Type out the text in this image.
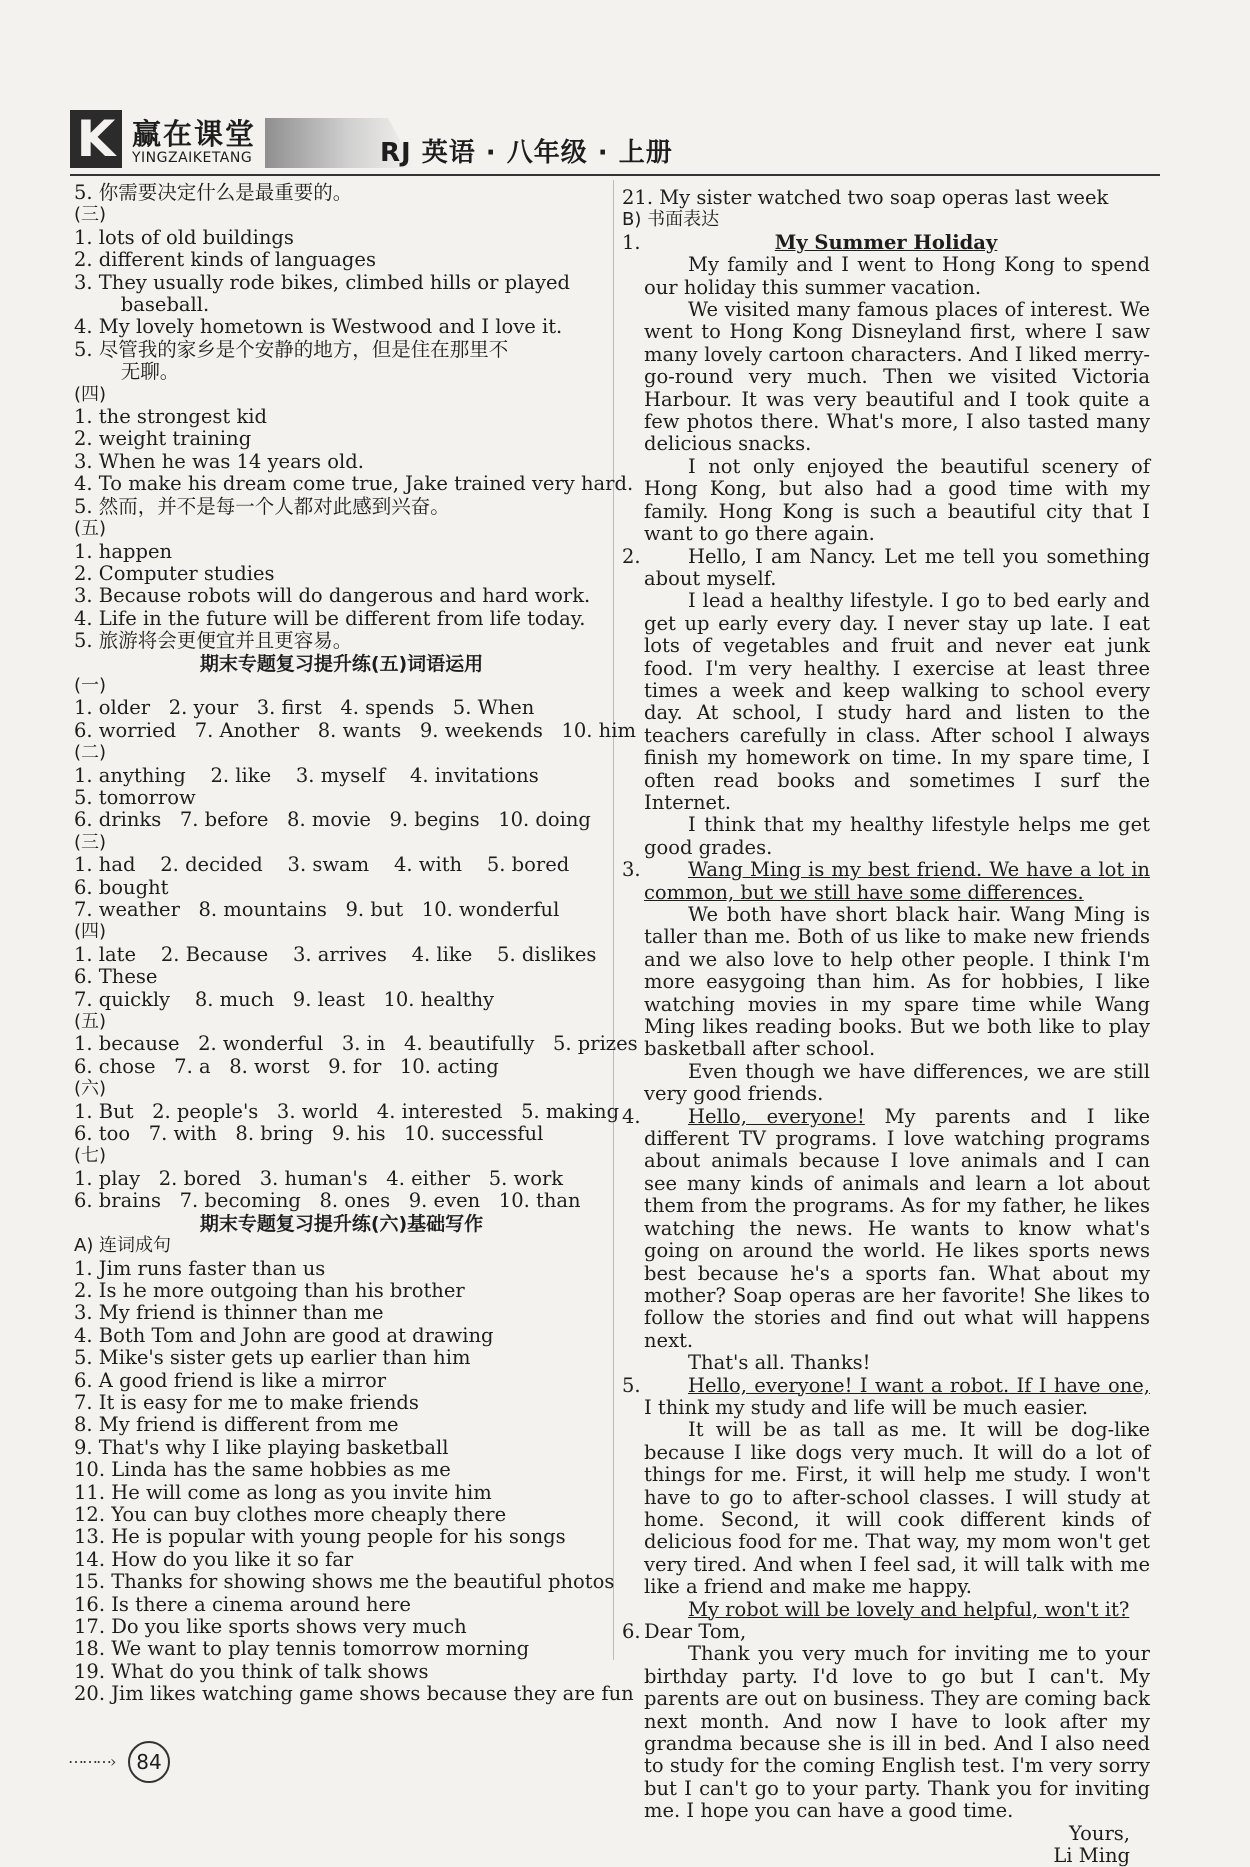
K 赢在课堂
YINGZAIKETANG	RJ 英语 · 八年级 · 上册

5. 你需要决定什么是最重要的。

(三)

1. lots of old buildings

2. different kinds of languages

3. They usually rode bikes, climbed hills or played

baseball.

4. My lovely hometown is Westwood and I love it.

5. 尽管我的家乡是个安静的地方，但是住在那里不

无聊。

(四)

1. the strongest kid

2. weight training

3. When he was 14 years old.

4. To make his dream come true, Jake trained very hard.

5. 然而，并不是每一个人都对此感到兴奋。

(五)

1. happen

2. Computer studies

3. Because robots will do dangerous and hard work.

4. Life in the future will be different from life today.

5. 旅游将会更便宜并且更容易。

期末专题复习提升练(五)词语运用

(一)

1. older   2. your   3. first   4. spends   5. When

6. worried   7. Another   8. wants   9. weekends   10. him

(二)

1. anything    2. like    3. myself    4. invitations

5. tomorrow

6. drinks   7. before   8. movie   9. begins   10. doing

(三)

1. had    2. decided    3. swam    4. with    5. bored

6. bought

7. weather   8. mountains   9. but   10. wonderful

(四)

1. late    2. Because    3. arrives    4. like    5. dislikes

6. These

7. quickly    8. much   9. least   10. healthy

(五)

1. because   2. wonderful   3. in   4. beautifully   5. prizes

6. chose   7. a   8. worst   9. for   10. acting

(六)

1. But   2. people's   3. world   4. interested   5. making

6. too   7. with   8. bring   9. his   10. successful

(七)

1. play   2. bored   3. human's   4. either   5. work

6. brains   7. becoming   8. ones   9. even   10. than

期末专题复习提升练(六)基础写作

A) 连词成句

1. Jim runs faster than us

2. Is he more outgoing than his brother

3. My friend is thinner than me

4. Both Tom and John are good at drawing

5. Mike's sister gets up earlier than him

6. A good friend is like a mirror

7. It is easy for me to make friends

8. My friend is different from me

9. That's why I like playing basketball

10. Linda has the same hobbies as me

11. He will come as long as you invite him

12. You can buy clothes more cheaply there

13. He is popular with young people for his songs

14. How do you like it so far

15. Thanks for showing shows me the beautiful photos

16. Is there a cinema around here

17. Do you like sports shows very much

18. We want to play tennis tomorrow morning

19. What do you think of talk shows

20. Jim likes watching game shows because they are fun

21. My sister watched two soap operas last week

B) 书面表达

1.	My Summer Holiday

My family and I went to Hong Kong to spend our holiday this summer vacation.

We visited many famous places of interest. We went to Hong Kong Disneyland first, where I saw many lovely cartoon characters. And I liked merry-go-round very much. Then we visited Victoria Harbour. It was very beautiful and I took quite a few photos there. What's more, I also tasted many delicious snacks.

I not only enjoyed the beautiful scenery of Hong Kong, but also had a good time with my family. Hong Kong is such a beautiful city that I want to go there again.

2.	Hello, I am Nancy. Let me tell you something about myself.

I lead a healthy lifestyle. I go to bed early and get up early every day. I never stay up late. I eat lots of vegetables and fruit and never eat junk food. I'm very healthy. I exercise at least three times a week and keep walking to school every day. At school, I study hard and listen to the teachers carefully in class. After school I always finish my homework on time. In my spare time, I often read books and sometimes I surf the Internet.

I think that my healthy lifestyle helps me get good grades.

3.	Wang Ming is my best friend. We have a lot in common, but we still have some differences.

We both have short black hair. Wang Ming is taller than me. Both of us like to make new friends and we also love to help other people. I think I'm more easygoing than him. As for hobbies, I like watching movies in my spare time while Wang Ming likes reading books. But we both like to play basketball after school.

Even though we have differences, we are still very good friends.

4.	Hello, everyone! My parents and I like different TV programs. I love watching programs about animals because I love animals and I can see many kinds of animals and learn a lot about them from the programs. As for my father, he likes watching the news. He wants to know what's going on around the world. He likes sports news best because he's a sports fan. What about my mother? Soap operas are her favorite! She likes to follow the stories and find out what will happens next.

That's all. Thanks!

5.	Hello, everyone! I want a robot. If I have one, I think my study and life will be much easier.

It will be as tall as me. It will be dog-like because I like dogs very much. It will do a lot of things for me. First, it will help me study. I won't have to go to after-school classes. I will study at home. Second, it will cook different kinds of delicious food for me. That way, my mom won't get very tired. And when I feel sad, it will talk with me like a friend and make me happy.

My robot will be lovely and helpful, won't it?

6. Dear Tom,

Thank you very much for inviting me to your birthday party. I'd love to go but I can't. My parents are out on business. They are coming back next month. And now I have to look after my grandma because she is ill in bed. And I also need to study for the coming English test. I'm very sorry but I can't go to your party. Thank you for inviting me. I hope you can have a good time.

Yours,

Li Ming

⋯⋯⋯›	84
